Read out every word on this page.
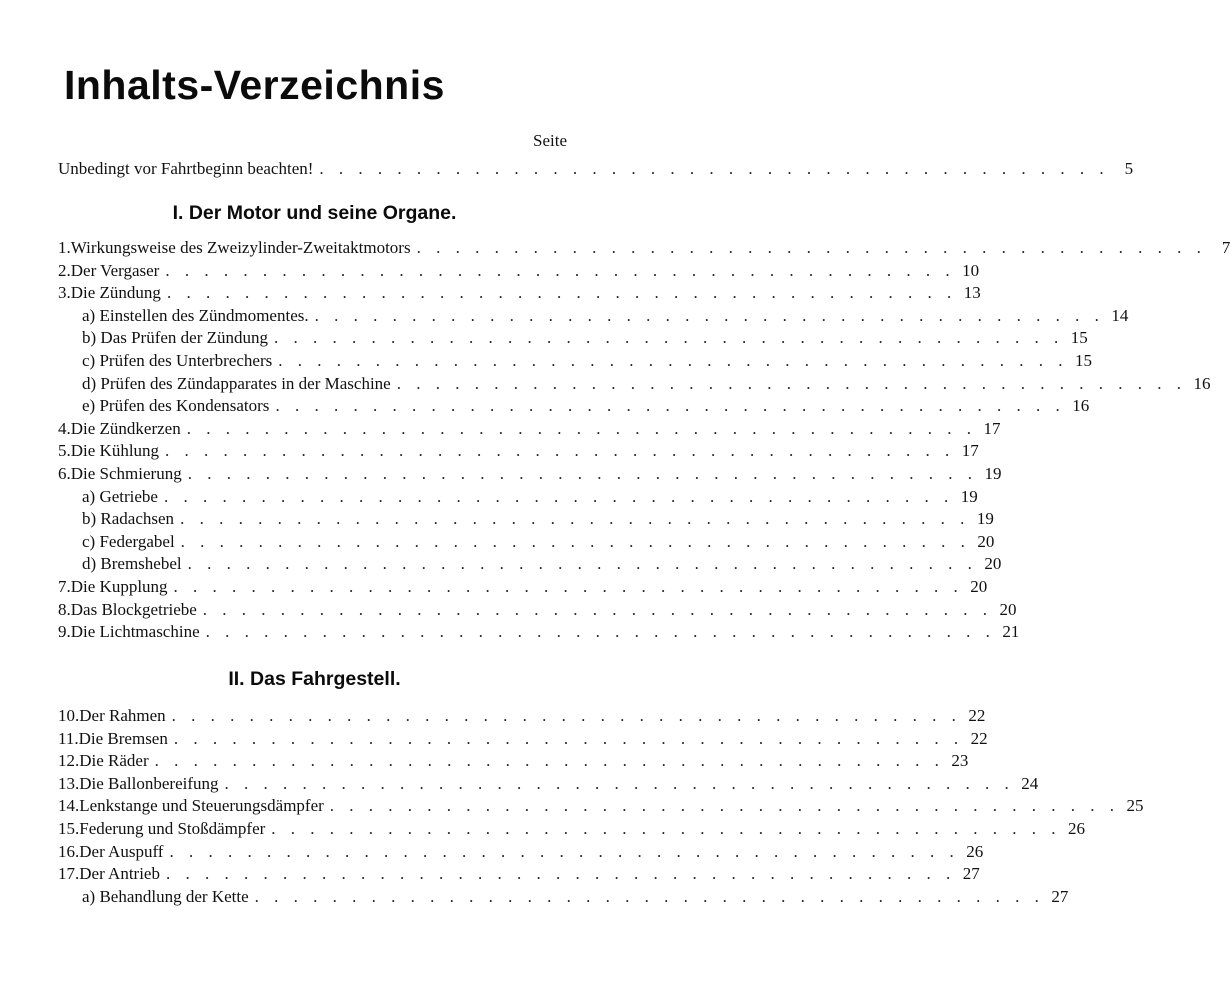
Inhalts-Verzeichnis
Seite
Unbedingt vor Fahrtbeginn beachten! . . . . . . . . . . . . . . . . . . . . . . . . . . . . . . . . . . . . . . . . . 5
I. Der Motor und seine Organe.
1. Wirkungsweise des Zweizylinder-Zweitaktmotors . . . . . . . . . . . . . . . . . . . . . . . . . . . . . . . . . . . . . . . . . 7
2. Der Vergaser . . . . . . . . . . . . . . . . . . . . . . . . . . . . . . . . . . . . . . . . . 10
3. Die Zündung . . . . . . . . . . . . . . . . . . . . . . . . . . . . . . . . . . . . . . . . . 13
a) Einstellen des Zündmomentes. . . . . . . . . . . . . . . . . . . . . . . . . . . . . . . . . . . . . . . . . . 14
b) Das Prüfen der Zündung . . . . . . . . . . . . . . . . . . . . . . . . . . . . . . . . . . . . . . . . . 15
c) Prüfen des Unterbrechers . . . . . . . . . . . . . . . . . . . . . . . . . . . . . . . . . . . . . . . . . 15
d) Prüfen des Zündapparates in der Maschine . . . . . . . . . . . . . . . . . . . . . . . . . . . . . . . . . . . . . . . . . 16
e) Prüfen des Kondensators . . . . . . . . . . . . . . . . . . . . . . . . . . . . . . . . . . . . . . . . . 16
4. Die Zündkerzen . . . . . . . . . . . . . . . . . . . . . . . . . . . . . . . . . . . . . . . . . 17
5. Die Kühlung . . . . . . . . . . . . . . . . . . . . . . . . . . . . . . . . . . . . . . . . . 17
6. Die Schmierung . . . . . . . . . . . . . . . . . . . . . . . . . . . . . . . . . . . . . . . . . 19
a) Getriebe . . . . . . . . . . . . . . . . . . . . . . . . . . . . . . . . . . . . . . . . . 19
b) Radachsen . . . . . . . . . . . . . . . . . . . . . . . . . . . . . . . . . . . . . . . . . 19
c) Federgabel . . . . . . . . . . . . . . . . . . . . . . . . . . . . . . . . . . . . . . . . . 20
d) Bremshebel . . . . . . . . . . . . . . . . . . . . . . . . . . . . . . . . . . . . . . . . . 20
7. Die Kupplung . . . . . . . . . . . . . . . . . . . . . . . . . . . . . . . . . . . . . . . . . 20
8. Das Blockgetriebe . . . . . . . . . . . . . . . . . . . . . . . . . . . . . . . . . . . . . . . . . 20
9. Die Lichtmaschine . . . . . . . . . . . . . . . . . . . . . . . . . . . . . . . . . . . . . . . . . 21
II. Das Fahrgestell.
10. Der Rahmen . . . . . . . . . . . . . . . . . . . . . . . . . . . . . . . . . . . . . . . . . 22
11. Die Bremsen . . . . . . . . . . . . . . . . . . . . . . . . . . . . . . . . . . . . . . . . . 22
12. Die Räder . . . . . . . . . . . . . . . . . . . . . . . . . . . . . . . . . . . . . . . . . 23
13. Die Ballonbereifung . . . . . . . . . . . . . . . . . . . . . . . . . . . . . . . . . . . . . . . . . 24
14. Lenkstange und Steuerungsdämpfer . . . . . . . . . . . . . . . . . . . . . . . . . . . . . . . . . . . . . . . . . 25
15. Federung und Stoßdämpfer . . . . . . . . . . . . . . . . . . . . . . . . . . . . . . . . . . . . . . . . . 26
16. Der Auspuff . . . . . . . . . . . . . . . . . . . . . . . . . . . . . . . . . . . . . . . . . 26
17. Der Antrieb . . . . . . . . . . . . . . . . . . . . . . . . . . . . . . . . . . . . . . . . . 27
a) Behandlung der Kette . . . . . . . . . . . . . . . . . . . . . . . . . . . . . . . . . . . . . . . . . 27
